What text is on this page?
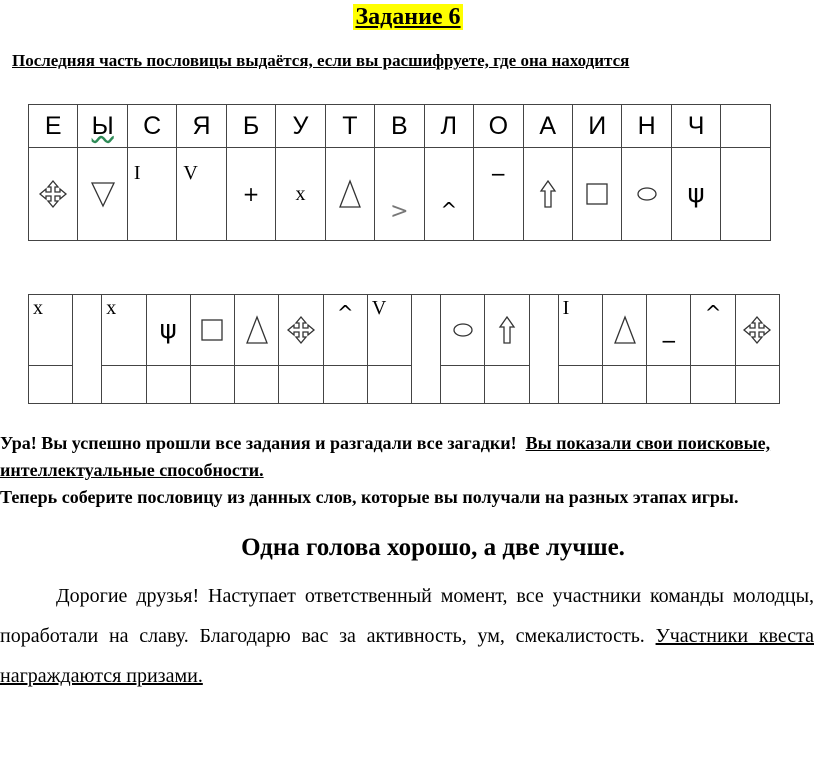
Задание 6
Последняя часть пословицы выдаётся, если вы расшифруете, где она находится
Е	Ы	С	Я	Б	У	Т	В	Л	О	А	И	Н	Ч	
		I	V	+	x		>	^	−				ψ	
x		x	ψ				^	V					I		−	^	

Ура! Вы успешно прошли все задания и разгадали все загадки! Вы показали свои поисковые, интеллектуальные способности.

Теперь соберите пословицу из данных слов, которые вы получали на разных этапах игры.

Одна голова хорошо, а две лучше.

Дорогие друзья! Наступает ответственный момент, все участники команды молодцы, поработали на славу. Благодарю вас за активность, ум, смекалистость. Участники квеста награждаются призами.
